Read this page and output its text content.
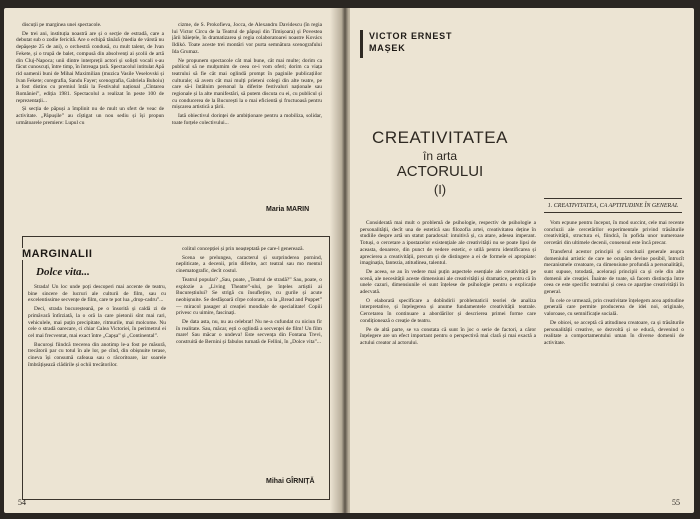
discuții pe marginea unei spectacole.

De trei ani, instituția noastră are și o secție de estradă, care a debutat sub o zodie fericită. Are o echipă tânără (media de vârstă nu depășește 25 de ani), o orchestră condusă, cu mult talent, de Ivan Fekete, și o trupă de balet, compusă din absolvenți ai școlii de artă din Cluj-Napoca; unii dintre interpreții actori și soliști vocali s-au făcut cunoscuți, între timp, în întreaga țară. Spectacolul intitulat Apă rid oamenii buni de Mihai Maximilian (muzica Vasile Veselovski și Ivan Fekete; coregrafia, Sandu Fayer; scenografia, Gabriela Buhoiu) a fost distins cu premiul întâi la Festivalul național „Cîntarea României”, ediția 1981. Spectacolul a realizat în peste 100 de reprezentații...

Și secția de păpuși a împlinit nu de mult un sfert de veac de activitate. „Păpușile” au cîștigat un nou sediu și își propun următoarele premiere: Lupul cu

cizme, de S. Prokofieva, Jocca, de Alexandru Davidescu (în regia lui Victor Circu de la Teatrul de păpuși din Timișoara) și Povestea jării băiețele, în dramatizarea și regia colaboratoarei noastre Kovács Ildikó. Toate aceste trei montări vor purta semnătura scenografului Ida Grumaz.

Ne propunem spectacole cât mai bune, cât mai multe; dorim ca publicul să ne mulțumim de ceea ce-i vom oferi; dorim ca viața teatrului să fie cât mai oglindă prompt în paginile publicațiilor culturale; să avem cât mai mulți prieteni colegi din alte teatre, pe care să-i întâlnim personal la diferite festivaluri naționale sau regionale și la alte manifestări, să putem discuta cu ei, cu publicul și cu conducerea de la București la o mai eficientă și fructuoasă pentru mișcarea artistică a țării.

Iată obiectivul dorinței de ambiționare pentru a mobiliza, solidar, toate forțele colectivului...

Maria MARIN
MARGINALII
Dolce vita...

Strada! Un loc unde poți descoperi mai accente de teatru, bine sincere de lucruri ale culturii de film, sau cu excelentissime secvențe de film, care te pot lua „drop-cadru”...

Deci, strada bucureșteană, pe o însorită și caldă zi de primăvară întîrziată, la o oră la care pietonii sînt mai rari, vehiculele, mai puțin precipitate, ritmurile, mai molcome. Nu cele o stradă oarecare, ci chiar Calea Victoriei, în perimetrul ei cel mai frecventat, mai exact între „Capșa” și „Continental”.

Bucuroși fiindcă trecerea din anotimp le-a fost pe măsură, trecătorii par cu totul în ale lor, pe cînd, din obișnuite terase, cineva își consumă cafeaua sau o răcoritoare, iar soarele îmbrățișează clădirile și ochii trecătorilor.

colitul concepției și prin neașteptată pe care-l generează.

Scena se prelungea, caracterul și surprinderea pornind, nepliticate, a decenii, prin diferite, act teatral sau mo mentul cinematografic, decît costul.

Teatrul popular? „Sau, poate, „Teatrul de stradă?” Sau, poate, o explozie a „Living Theatre”-ului, pe înțeles artiștii ai Bucureștiului? Se strigă cu însuflețire, cu gurile și acute neobișnuite. Se desfășoară cîrpe colorate, ca la „Bread and Puppet” — miracol pasager al creației mondiale de specialitate! Copiii privesc cu uimire, fascinați.

De data asta, nu, nu au celebrat! Nu ne-a cufundat cu niciun fir în realitate. Sau, măcar, ești o oglindă a secvenței de film! Un film mare! Sau măcar o undeva! Este secvența din Fontana Trevi, construită de Bernini și fabulos turnată de Fellini, în „Dolce vita”...

Mihai GÎRNIȚĂ
54
VICTOR ERNEST
MAȘEK
CREATIVITATEA
în arta
ACTORULUI
(I)
1. CREATIVITATEA, CA APTITUDINE ÎN GENERAL

Considerată mai mult o problemă de psihologie, respectiv de psihologie a personalității, decît una de estetică sau filozofia artei, creativitatea deține în studiile despre artă un statut paradoxal: intuitivă și, ca atare, adesea imperant. Totuși, o cercetare a ipostazelor existențiale ale creativității nu se poate lipsi de aceasta, deoarece, din punct de vedere estetic, e utilă pentru identificarea și aprecierea a creativității, precum și de distingere a ei de formele ei apropiate: imaginația, fantezia, atitudinea, talentul.

De aceea, se au în vedere mai puțin aspectele esențiale ale creativității pe scenă, ale necesității aceste dimensiuni ale creativității și dramatice, pentru că în unele cazuri, dimensiunile ei sunt înțelese de psihologie pentru o explicație adecvată.

O elaborată specificare a dobîndirii problematicii teoriei de analiza interpretative, și înțelegerea și anume fundamentele creativității teatrale. Cercetarea în continuare a abordărilor și descrierea primei forme care condiționează o creație de teatru.

Pe de altă parte, se va constata că sunt în joc o serie de factori, a căror înțelegere are un efect important pentru o perspectivă mai clară și mai exactă a actului creator al actorului.

Vom ecpune pentru început, în mod succint, cele mai recente concluzii ale cercetărilor experimentale privind trăsăturile creativității, structura ei, fiindcă, în pofida unor numeroase cercetări din ultimele decenii, consensul este încă precar.

Transferul acestor principii și concluzii generale asupra domeniului artistic de care ne ocupăm devine posibil, întrucît mecanismele creatoare, ca dimensiune profundă a personalității, sunt supuse, totodată, acelorași principii ca și cele din alte domenii ale creației. Înainte de toate, să facem distincția între ceea ce este specific teatrului și ceea ce aparține creativității în general.

În cele ce urmează, prin creativitate înțelegem acea aptitudine generală care permite producerea de idei noi, originale, valoroase, cu semnificație socială.

De obicei, se acceptă că atitudinea creatoare, ca și trăsăturile personalității creative, se dezvoltă și se educă, devenind o realitate a comportamentului uman în diverse domenii de activitate.

55
